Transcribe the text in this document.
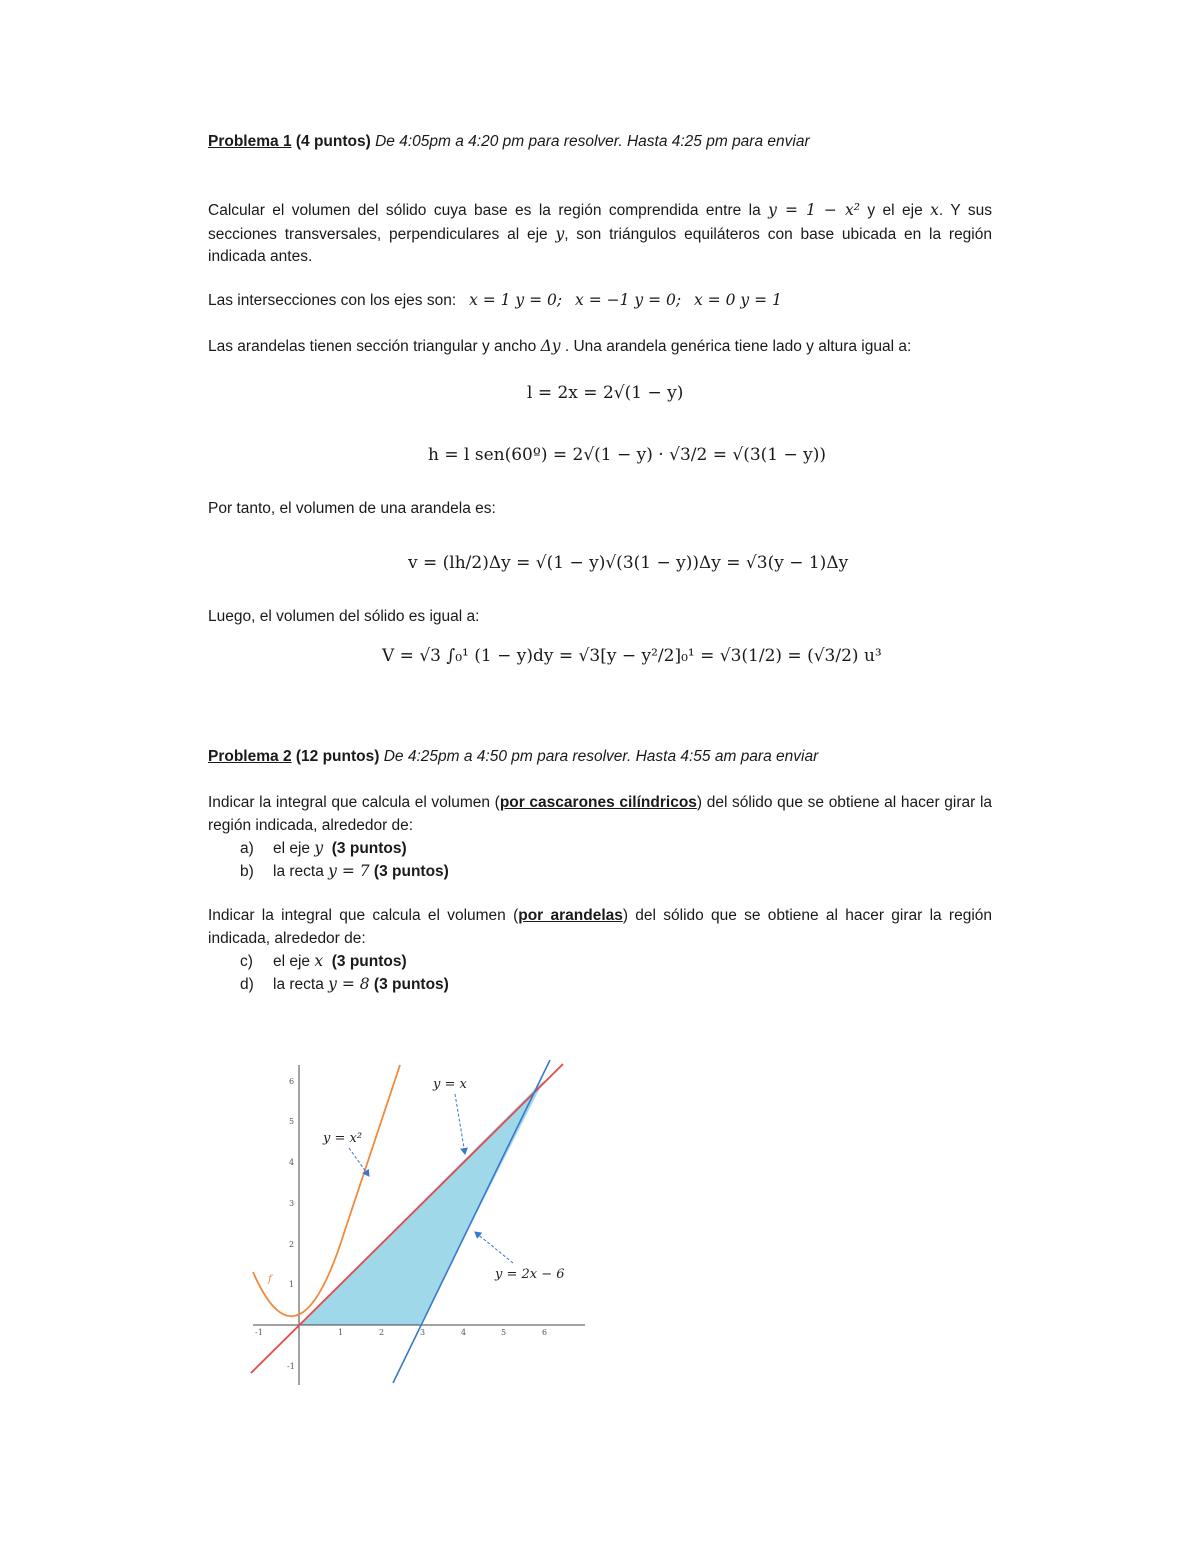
Problema 1 (4 puntos) De 4:05pm a 4:20 pm para resolver. Hasta 4:25 pm para enviar
Calcular el volumen del sólido cuya base es la región comprendida entre la y = 1 − x² y el eje x. Y sus secciones transversales, perpendiculares al eje y, son triángulos equiláteros con base ubicada en la región indicada antes.
Las intersecciones con los ejes son: x = 1 y = 0; x = −1 y = 0; x = 0 y = 1
Las arandelas tienen sección triangular y ancho Δy . Una arandela genérica tiene lado y altura igual a:
l = 2x = 2√(1 − y)
h = l sen(60º) = 2√(1 − y) · √3/2 = √(3(1 − y))
Por tanto, el volumen de una arandela es:
v = (lh/2)Δy = √(1 − y)√(3(1 − y))Δy = √3(y − 1)Δy
Luego, el volumen del sólido es igual a:
V = √3 ∫₀¹ (1 − y)dy = √3[y − y²/2]₀¹ = √3(1/2) = (√3/2) u³
Problema 2 (12 puntos) De 4:25pm a 4:50 pm para resolver. Hasta 4:55 am para enviar
Indicar la integral que calcula el volumen (por cascarones cilíndricos) del sólido que se obtiene al hacer girar la región indicada, alrededor de:
a) el eje y (3 puntos)
b) la recta y = 7 (3 puntos)
Indicar la integral que calcula el volumen (por arandelas) del sólido que se obtiene al hacer girar la región indicada, alrededor de:
c) el eje x (3 puntos)
d) la recta y = 8 (3 puntos)
-1	1	2	3	4	5	6
-1
1
2
3
4
5
6
y = x²
y = x
y = 2x − 6
f
